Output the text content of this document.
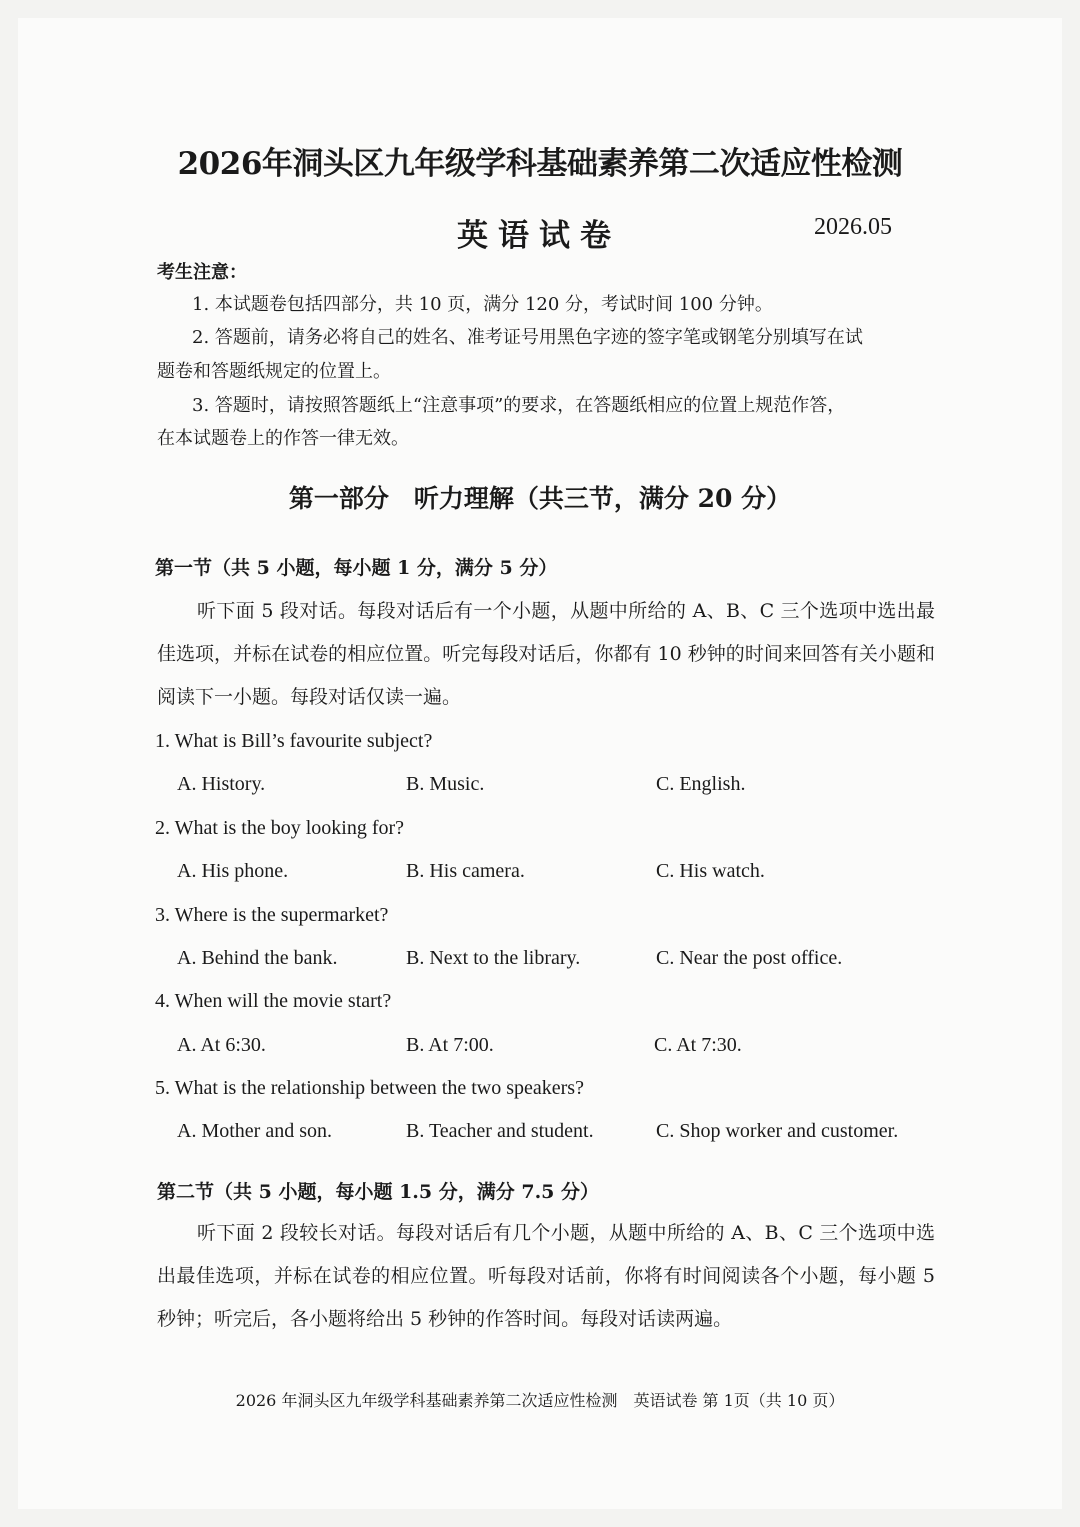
2026年洞头区九年级学科基础素养第二次适应性检测
英语试卷	2026.05
考生注意：
1. 本试题卷包括四部分，共 10 页，满分 120 分，考试时间 100 分钟。
2. 答题前，请务必将自己的姓名、准考证号用黑色字迹的签字笔或钢笔分别填写在试
题卷和答题纸规定的位置上。
3. 答题时，请按照答题纸上“注意事项”的要求，在答题纸相应的位置上规范作答，
在本试题卷上的作答一律无效。
第一部分　听力理解（共三节，满分 20 分）
第一节（共 5 小题，每小题 1 分，满分 5 分）
听下面 5 段对话。每段对话后有一个小题，从题中所给的 A、B、C 三个选项中选出最佳选项，并标在试卷的相应位置。听完每段对话后，你都有 10 秒钟的时间来回答有关小题和阅读下一小题。每段对话仅读一遍。
1. What is Bill’s favourite subject?
A. History.	B. Music.	C. English.
2. What is the boy looking for?
A. His phone.	B. His camera.	C. His watch.
3. Where is the supermarket?
A. Behind the bank.	B. Next to the library.	C. Near the post office.
4. When will the movie start?
A. At 6:30.	B. At 7:00.	C. At 7:30.
5. What is the relationship between the two speakers?
A. Mother and son.	B. Teacher and student.	C. Shop worker and customer.
第二节（共 5 小题，每小题 1.5 分，满分 7.5 分）
听下面 2 段较长对话。每段对话后有几个小题，从题中所给的 A、B、C 三个选项中选出最佳选项，并标在试卷的相应位置。听每段对话前，你将有时间阅读各个小题，每小题 5 秒钟；听完后，各小题将给出 5 秒钟的作答时间。每段对话读两遍。
2026 年洞头区九年级学科基础素养第二次适应性检测　英语试卷 第 1页（共 10 页）
